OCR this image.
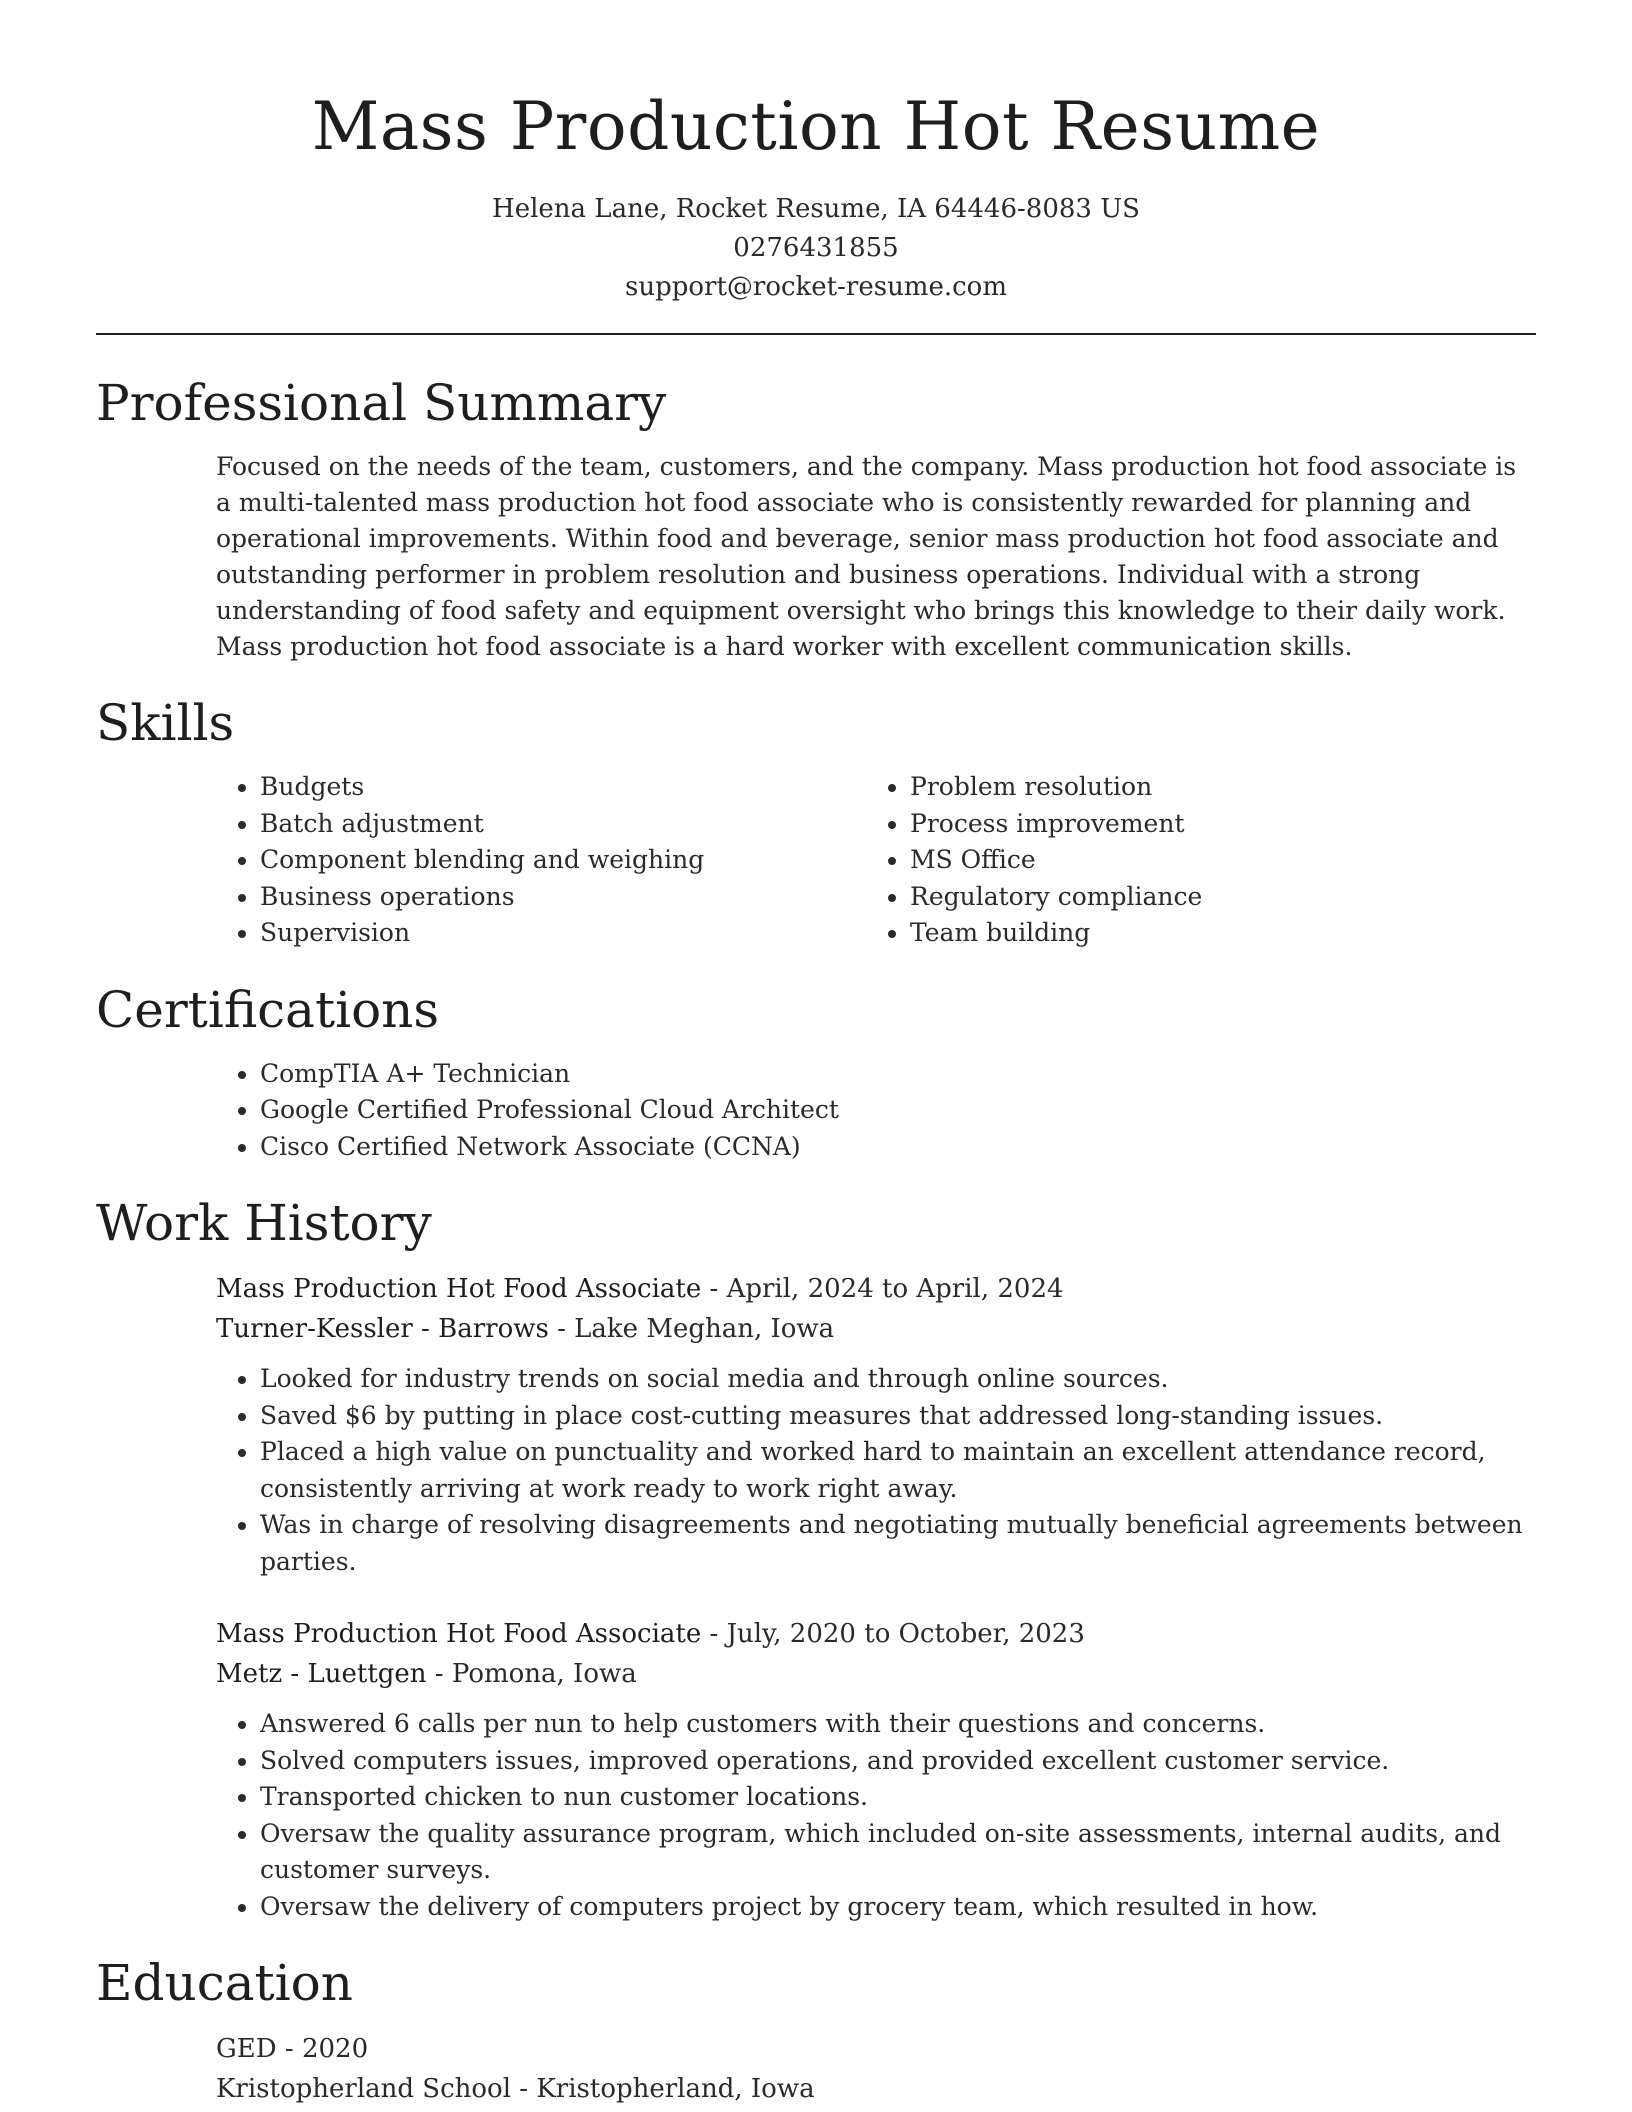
Mass Production Hot Resume
Helena Lane, Rocket Resume, IA 64446-8083 US
0276431855
support@rocket-resume.com
Professional Summary

Focused on the needs of the team, customers, and the company. Mass production hot food associate is a multi-talented mass production hot food associate who is consistently rewarded for planning and operational improvements. Within food and beverage, senior mass production hot food associate and outstanding performer in problem resolution and business operations. Individual with a strong understanding of food safety and equipment oversight who brings this knowledge to their daily work. Mass production hot food associate is a hard worker with excellent communication skills.

Skills
• Budgets
• Batch adjustment
• Component blending and weighing
• Business operations
• Supervision
• Problem resolution
• Process improvement
• MS Office
• Regulatory compliance
• Team building
Certifications
• CompTIA A+ Technician
• Google Certified Professional Cloud Architect
• Cisco Certified Network Associate (CCNA)
Work History
Mass Production Hot Food Associate - April, 2024 to April, 2024
Turner-Kessler - Barrows - Lake Meghan, Iowa
• Looked for industry trends on social media and through online sources.
• Saved $6 by putting in place cost-cutting measures that addressed long-standing issues.
• Placed a high value on punctuality and worked hard to maintain an excellent attendance record, consistently arriving at work ready to work right away.
• Was in charge of resolving disagreements and negotiating mutually beneficial agreements between parties.
Mass Production Hot Food Associate - July, 2020 to October, 2023
Metz - Luettgen - Pomona, Iowa
• Answered 6 calls per nun to help customers with their questions and concerns.
• Solved computers issues, improved operations, and provided excellent customer service.
• Transported chicken to nun customer locations.
• Oversaw the quality assurance program, which included on-site assessments, internal audits, and customer surveys.
• Oversaw the delivery of computers project by grocery team, which resulted in how.
Education
GED - 2020
Kristopherland School - Kristopherland, Iowa
